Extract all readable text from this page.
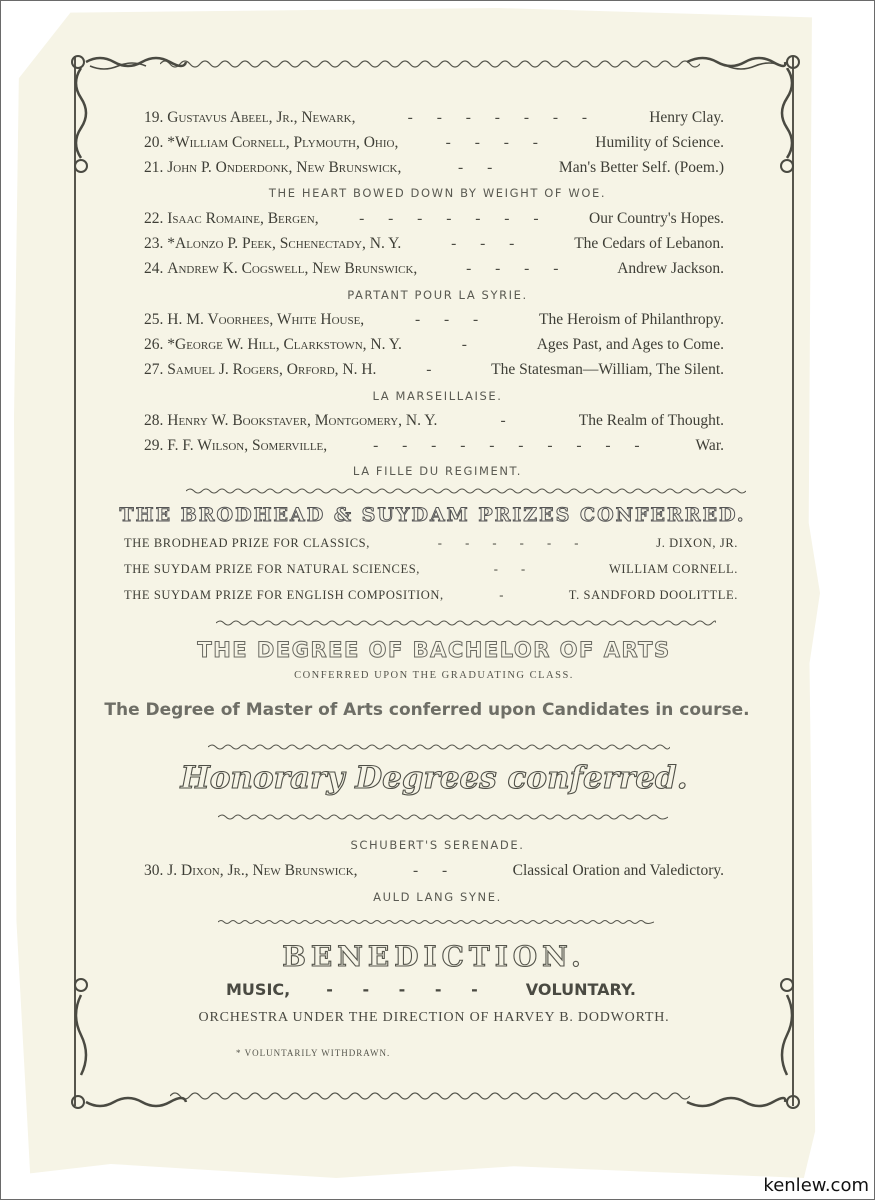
19. Gustavus Abeel, Jr., Newark,	- - - - - - -	Henry Clay.
20. *William Cornell, Plymouth, Ohio,	- - - -	Humility of Science.
21. John P. Onderdonk, New Brunswick,	- -	Man's Better Self. (Poem.)
THE HEART BOWED DOWN BY WEIGHT OF WOE.
22. Isaac Romaine, Bergen,	- - - - - - -	Our Country's Hopes.
23. *Alonzo P. Peek, Schenectady, N. Y.	- - -	The Cedars of Lebanon.
24. Andrew K. Cogswell, New Brunswick,	- - - -	Andrew Jackson.
PARTANT POUR LA SYRIE.
25. H. M. Voorhees, White House,	- - -	The Heroism of Philanthropy.
26. *George W. Hill, Clarkstown, N. Y.	-	Ages Past, and Ages to Come.
27. Samuel J. Rogers, Orford, N. H.	-	The Statesman—William, The Silent.
LA MARSEILLAISE.
28. Henry W. Bookstaver, Montgomery, N. Y.	-	The Realm of Thought.
29. F. F. Wilson, Somerville,	- - - - - - - - - -	War.
LA FILLE DU REGIMENT.
THE BRODHEAD & SUYDAM PRIZES CONFERRED.
THE BRODHEAD PRIZE FOR CLASSICS,	- - - - - -	J. DIXON, JR.
THE SUYDAM PRIZE FOR NATURAL SCIENCES,	- -	WILLIAM CORNELL.
THE SUYDAM PRIZE FOR ENGLISH COMPOSITION,	-	T. SANDFORD DOOLITTLE.
THE DEGREE OF BACHELOR OF ARTS
CONFERRED UPON THE GRADUATING CLASS.
The Degree of Master of Arts conferred upon Candidates in course.
Honorary Degrees conferred.
SCHUBERT'S SERENADE.
30. J. Dixon, Jr., New Brunswick,	- -	Classical Oration and Valedictory.
AULD LANG SYNE.
BENEDICTION.
MUSIC,	- - - - -	VOLUNTARY.
ORCHESTRA UNDER THE DIRECTION OF HARVEY B. DODWORTH.
* VOLUNTARILY WITHDRAWN.
kenlew.com
